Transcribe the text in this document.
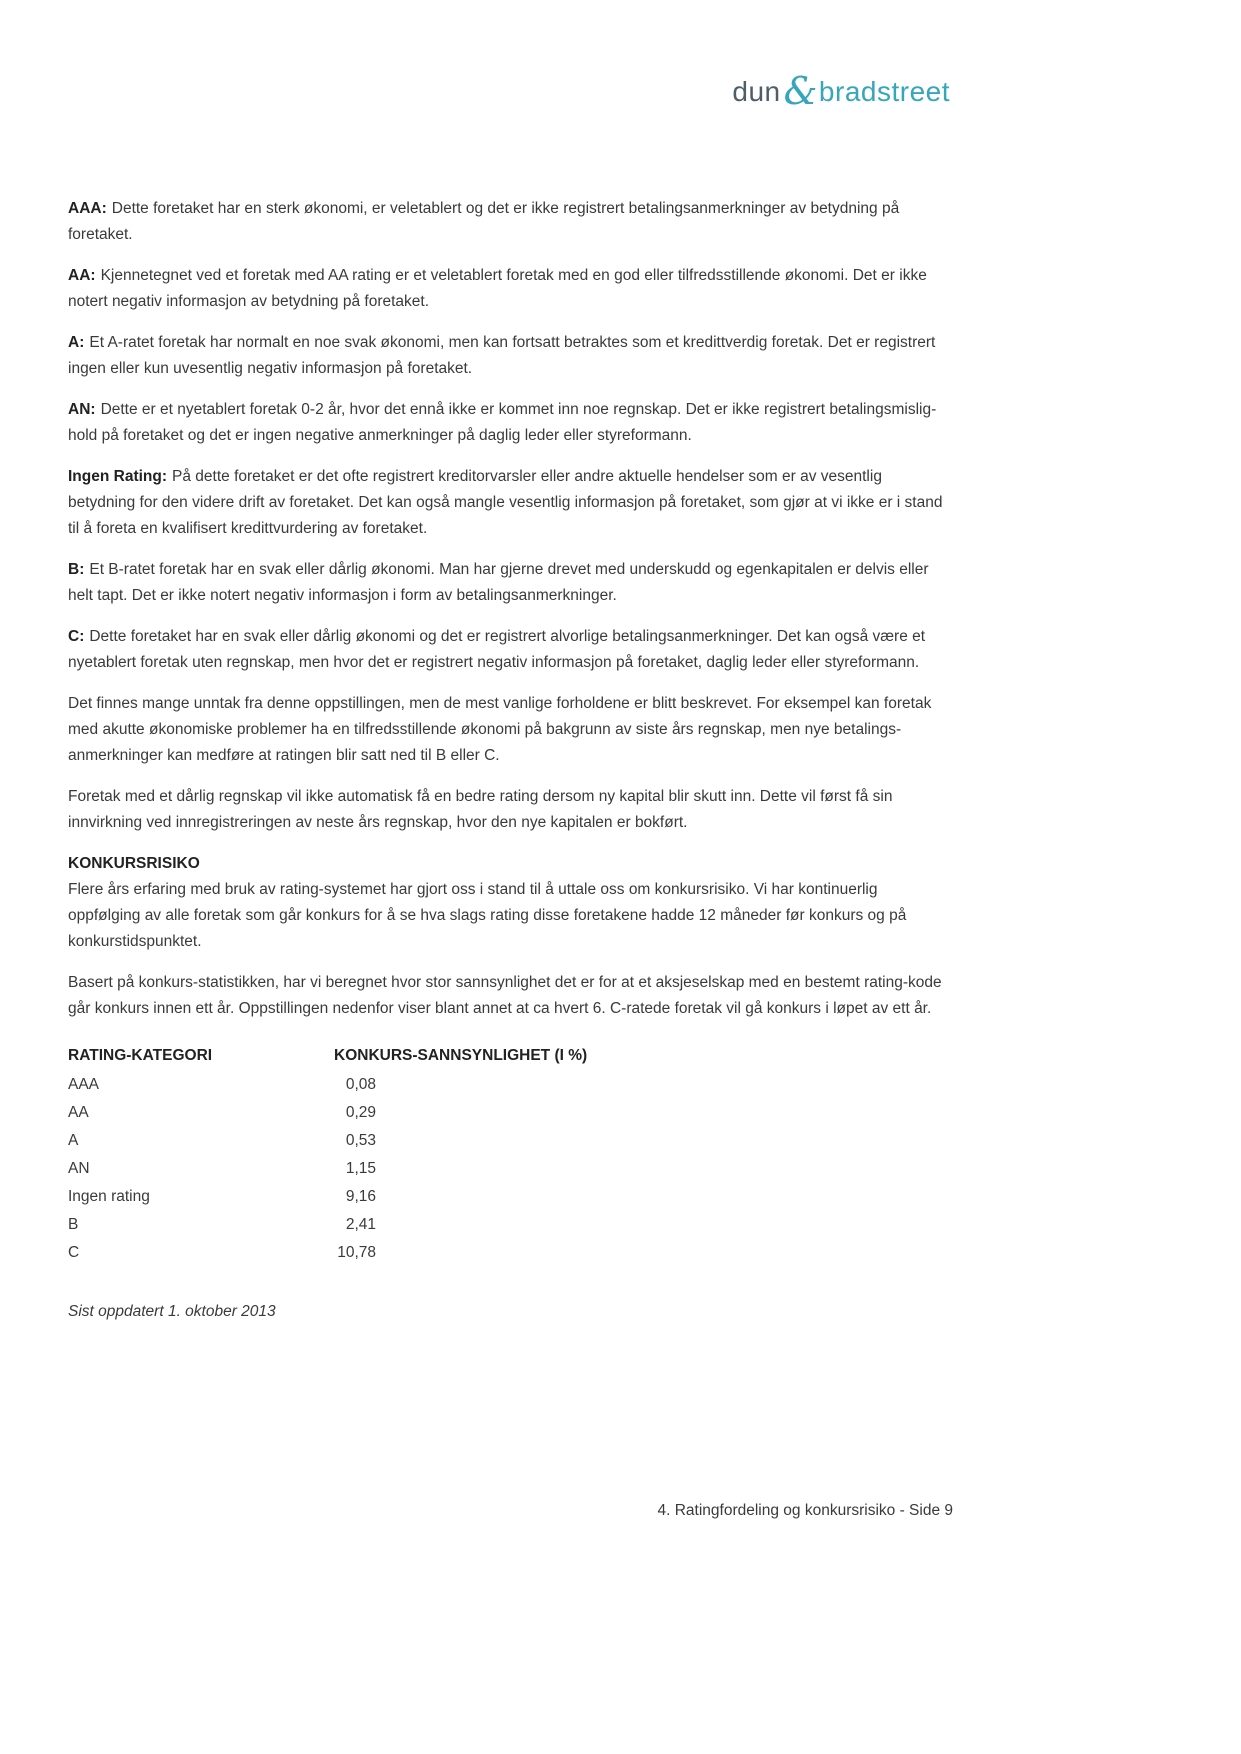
dun&bradstreet

AAA: Dette foretaket har en sterk økonomi, er veletablert og det er ikke registrert betalingsanmerkninger av betydning på foretaket.

AA: Kjennetegnet ved et foretak med AA rating er et veletablert foretak med en god eller tilfredsstillende økonomi. Det er ikke notert negativ informasjon av betydning på foretaket.

A: Et A-ratet foretak har normalt en noe svak økonomi, men kan fortsatt betraktes som et kredittverdig foretak. Det er registrert ingen eller kun uvesentlig negativ informasjon på foretaket.

AN: Dette er et nyetablert foretak 0-2 år, hvor det ennå ikke er kommet inn noe regnskap. Det er ikke registrert betalingsmislig- hold på foretaket og det er ingen negative anmerkninger på daglig leder eller styreformann.

Ingen Rating: På dette foretaket er det ofte registrert kreditorvarsler eller andre aktuelle hendelser som er av vesentlig betydning for den videre drift av foretaket. Det kan også mangle vesentlig informasjon på foretaket, som gjør at vi ikke er i stand til å foreta en kvalifisert kredittvurdering av foretaket.

B: Et B-ratet foretak har en svak eller dårlig økonomi. Man har gjerne drevet med underskudd og egenkapitalen er delvis eller helt tapt. Det er ikke notert negativ informasjon i form av betalingsanmerkninger.

C: Dette foretaket har en svak eller dårlig økonomi og det er registrert alvorlige betalingsanmerkninger. Det kan også være et nyetablert foretak uten regnskap, men hvor det er registrert negativ informasjon på foretaket, daglig leder eller styreformann.

Det finnes mange unntak fra denne oppstillingen, men de mest vanlige forholdene er blitt beskrevet. For eksempel kan foretak med akutte økonomiske problemer ha en tilfredsstillende økonomi på bakgrunn av siste års regnskap, men nye betalings- anmerkninger kan medføre at ratingen blir satt ned til B eller C.

Foretak med et dårlig regnskap vil ikke automatisk få en bedre rating dersom ny kapital blir skutt inn. Dette vil først få sin innvirkning ved innregistreringen av neste års regnskap, hvor den nye kapitalen er bokført.

KONKURSRISIKO

Flere års erfaring med bruk av rating-systemet har gjort oss i stand til å uttale oss om konkursrisiko. Vi har kontinuerlig oppfølging av alle foretak som går konkurs for å se hva slags rating disse foretakene hadde 12 måneder før konkurs og på konkurstidspunktet.

Basert på konkurs-statistikken, har vi beregnet hvor stor sannsynlighet det er for at et aksjeselskap med en bestemt rating-kode går konkurs innen ett år. Oppstillingen nedenfor viser blant annet at ca hvert 6. C-ratede foretak vil gå konkurs i løpet av ett år.

RATING-KATEGORI	KONKURS-SANNSYNLIGHET (I %)
AAA	0,08
AA	0,29
A	0,53
AN	1,15
Ingen rating	9,16
B	2,41
C	10,78

Sist oppdatert 1. oktober 2013

4. Ratingfordeling og konkursrisiko - Side 9
